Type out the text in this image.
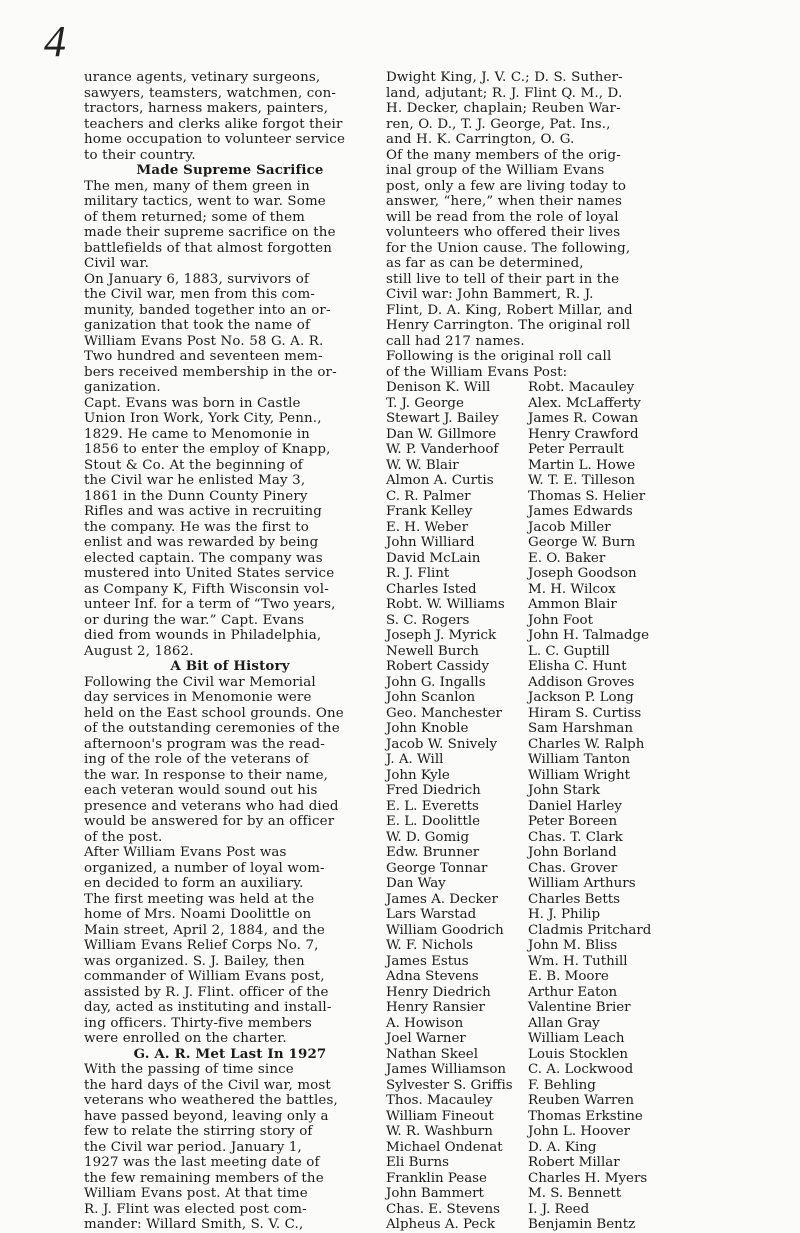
4
urance agents, vetinary surgeons,
sawyers, teamsters, watchmen, con-
tractors, harness makers, painters,
teachers and clerks alike forgot their
home occupation to volunteer service
to their country.
Made Supreme Sacrifice
The men, many of them green in
military tactics, went to war. Some
of them returned; some of them
made their supreme sacrifice on the
battlefields of that almost forgotten
Civil war.
On January 6, 1883, survivors of
the Civil war, men from this com-
munity, banded together into an or-
ganization that took the name of
William Evans Post No. 58 G. A. R.
Two hundred and seventeen mem-
bers received membership in the or-
ganization.
Capt. Evans was born in Castle
Union Iron Work, York City, Penn.,
1829. He came to Menomonie in
1856 to enter the employ of Knapp,
Stout & Co. At the beginning of
the Civil war he enlisted May 3,
1861 in the Dunn County Pinery
Rifles and was active in recruiting
the company. He was the first to
enlist and was rewarded by being
elected captain. The company was
mustered into United States service
as Company K, Fifth Wisconsin vol-
unteer Inf. for a term of “Two years,
or during the war.” Capt. Evans
died from wounds in Philadelphia,
August 2, 1862.
A Bit of History
Following the Civil war Memorial
day services in Menomonie were
held on the East school grounds. One
of the outstanding ceremonies of the
afternoon's program was the read-
ing of the role of the veterans of
the war. In response to their name,
each veteran would sound out his
presence and veterans who had died
would be answered for by an officer
of the post.
After William Evans Post was
organized, a number of loyal wom-
en decided to form an auxiliary.
The first meeting was held at the
home of Mrs. Noami Doolittle on
Main street, April 2, 1884, and the
William Evans Relief Corps No. 7,
was organized. S. J. Bailey, then
commander of William Evans post,
assisted by R. J. Flint. officer of the
day, acted as instituting and install-
ing officers. Thirty-five members
were enrolled on the charter.
G. A. R. Met Last In 1927
With the passing of time since
the hard days of the Civil war, most
veterans who weathered the battles,
have passed beyond, leaving only a
few to relate the stirring story of
the Civil war period. January 1,
1927 was the last meeting date of
the few remaining members of the
William Evans post. At that time
R. J. Flint was elected post com-
mander: Willard Smith, S. V. C.,
Dwight King, J. V. C.; D. S. Suther-
land, adjutant; R. J. Flint Q. M., D.
H. Decker, chaplain; Reuben War-
ren, O. D., T. J. George, Pat. Ins.,
and H. K. Carrington, O. G.
Of the many members of the orig-
inal group of the William Evans
post, only a few are living today to
answer, “here,” when their names
will be read from the role of loyal
volunteers who offered their lives
for the Union cause. The following,
as far as can be determined,
still live to tell of their part in the
Civil war: John Bammert, R. J.
Flint, D. A. King, Robert Millar, and
Henry Carrington. The original roll
call had 217 names.
Following is the original roll call
of the William Evans Post:
Denison K. Will	Robt. Macauley
T. J. George	Alex. McLafferty
Stewart J. Bailey	James R. Cowan
Dan W. Gillmore	Henry Crawford
W. P. Vanderhoof	Peter Perrault
W. W. Blair	Martin L. Howe
Almon A. Curtis	W. T. E. Tilleson
C. R. Palmer	Thomas S. Helier
Frank Kelley	James Edwards
E. H. Weber	Jacob Miller
John Williard	George W. Burn
David McLain	E. O. Baker
R. J. Flint	Joseph Goodson
Charles Isted	M. H. Wilcox
Robt. W. Williams	Ammon Blair
S. C. Rogers	John Foot
Joseph J. Myrick	John H. Talmadge
Newell Burch	L. C. Guptill
Robert Cassidy	Elisha C. Hunt
John G. Ingalls	Addison Groves
John Scanlon	Jackson P. Long
Geo. Manchester	Hiram S. Curtiss
John Knoble	Sam Harshman
Jacob W. Snively	Charles W. Ralph
J. A. Will	William Tanton
John Kyle	William Wright
Fred Diedrich	John Stark
E. L. Everetts	Daniel Harley
E. L. Doolittle	Peter Boreen
W. D. Gomig	Chas. T. Clark
Edw. Brunner	John Borland
George Tonnar	Chas. Grover
Dan Way	William Arthurs
James A. Decker	Charles Betts
Lars Warstad	H. J. Philip
William Goodrich	Cladmis Pritchard
W. F. Nichols	John M. Bliss
James Estus	Wm. H. Tuthill
Adna Stevens	E. B. Moore
Henry Diedrich	Arthur Eaton
Henry Ransier	Valentine Brier
A. Howison	Allan Gray
Joel Warner	William Leach
Nathan Skeel	Louis Stocklen
James Williamson	C. A. Lockwood
Sylvester S. Griffis	F. Behling
Thos. Macauley	Reuben Warren
William Fineout	Thomas Erkstine
W. R. Washburn	John L. Hoover
Michael Ondenat	D. A. King
Eli Burns	Robert Millar
Franklin Pease	Charles H. Myers
John Bammert	M. S. Bennett
Chas. E. Stevens	I. J. Reed
Alpheus A. Peck	Benjamin Bentz
